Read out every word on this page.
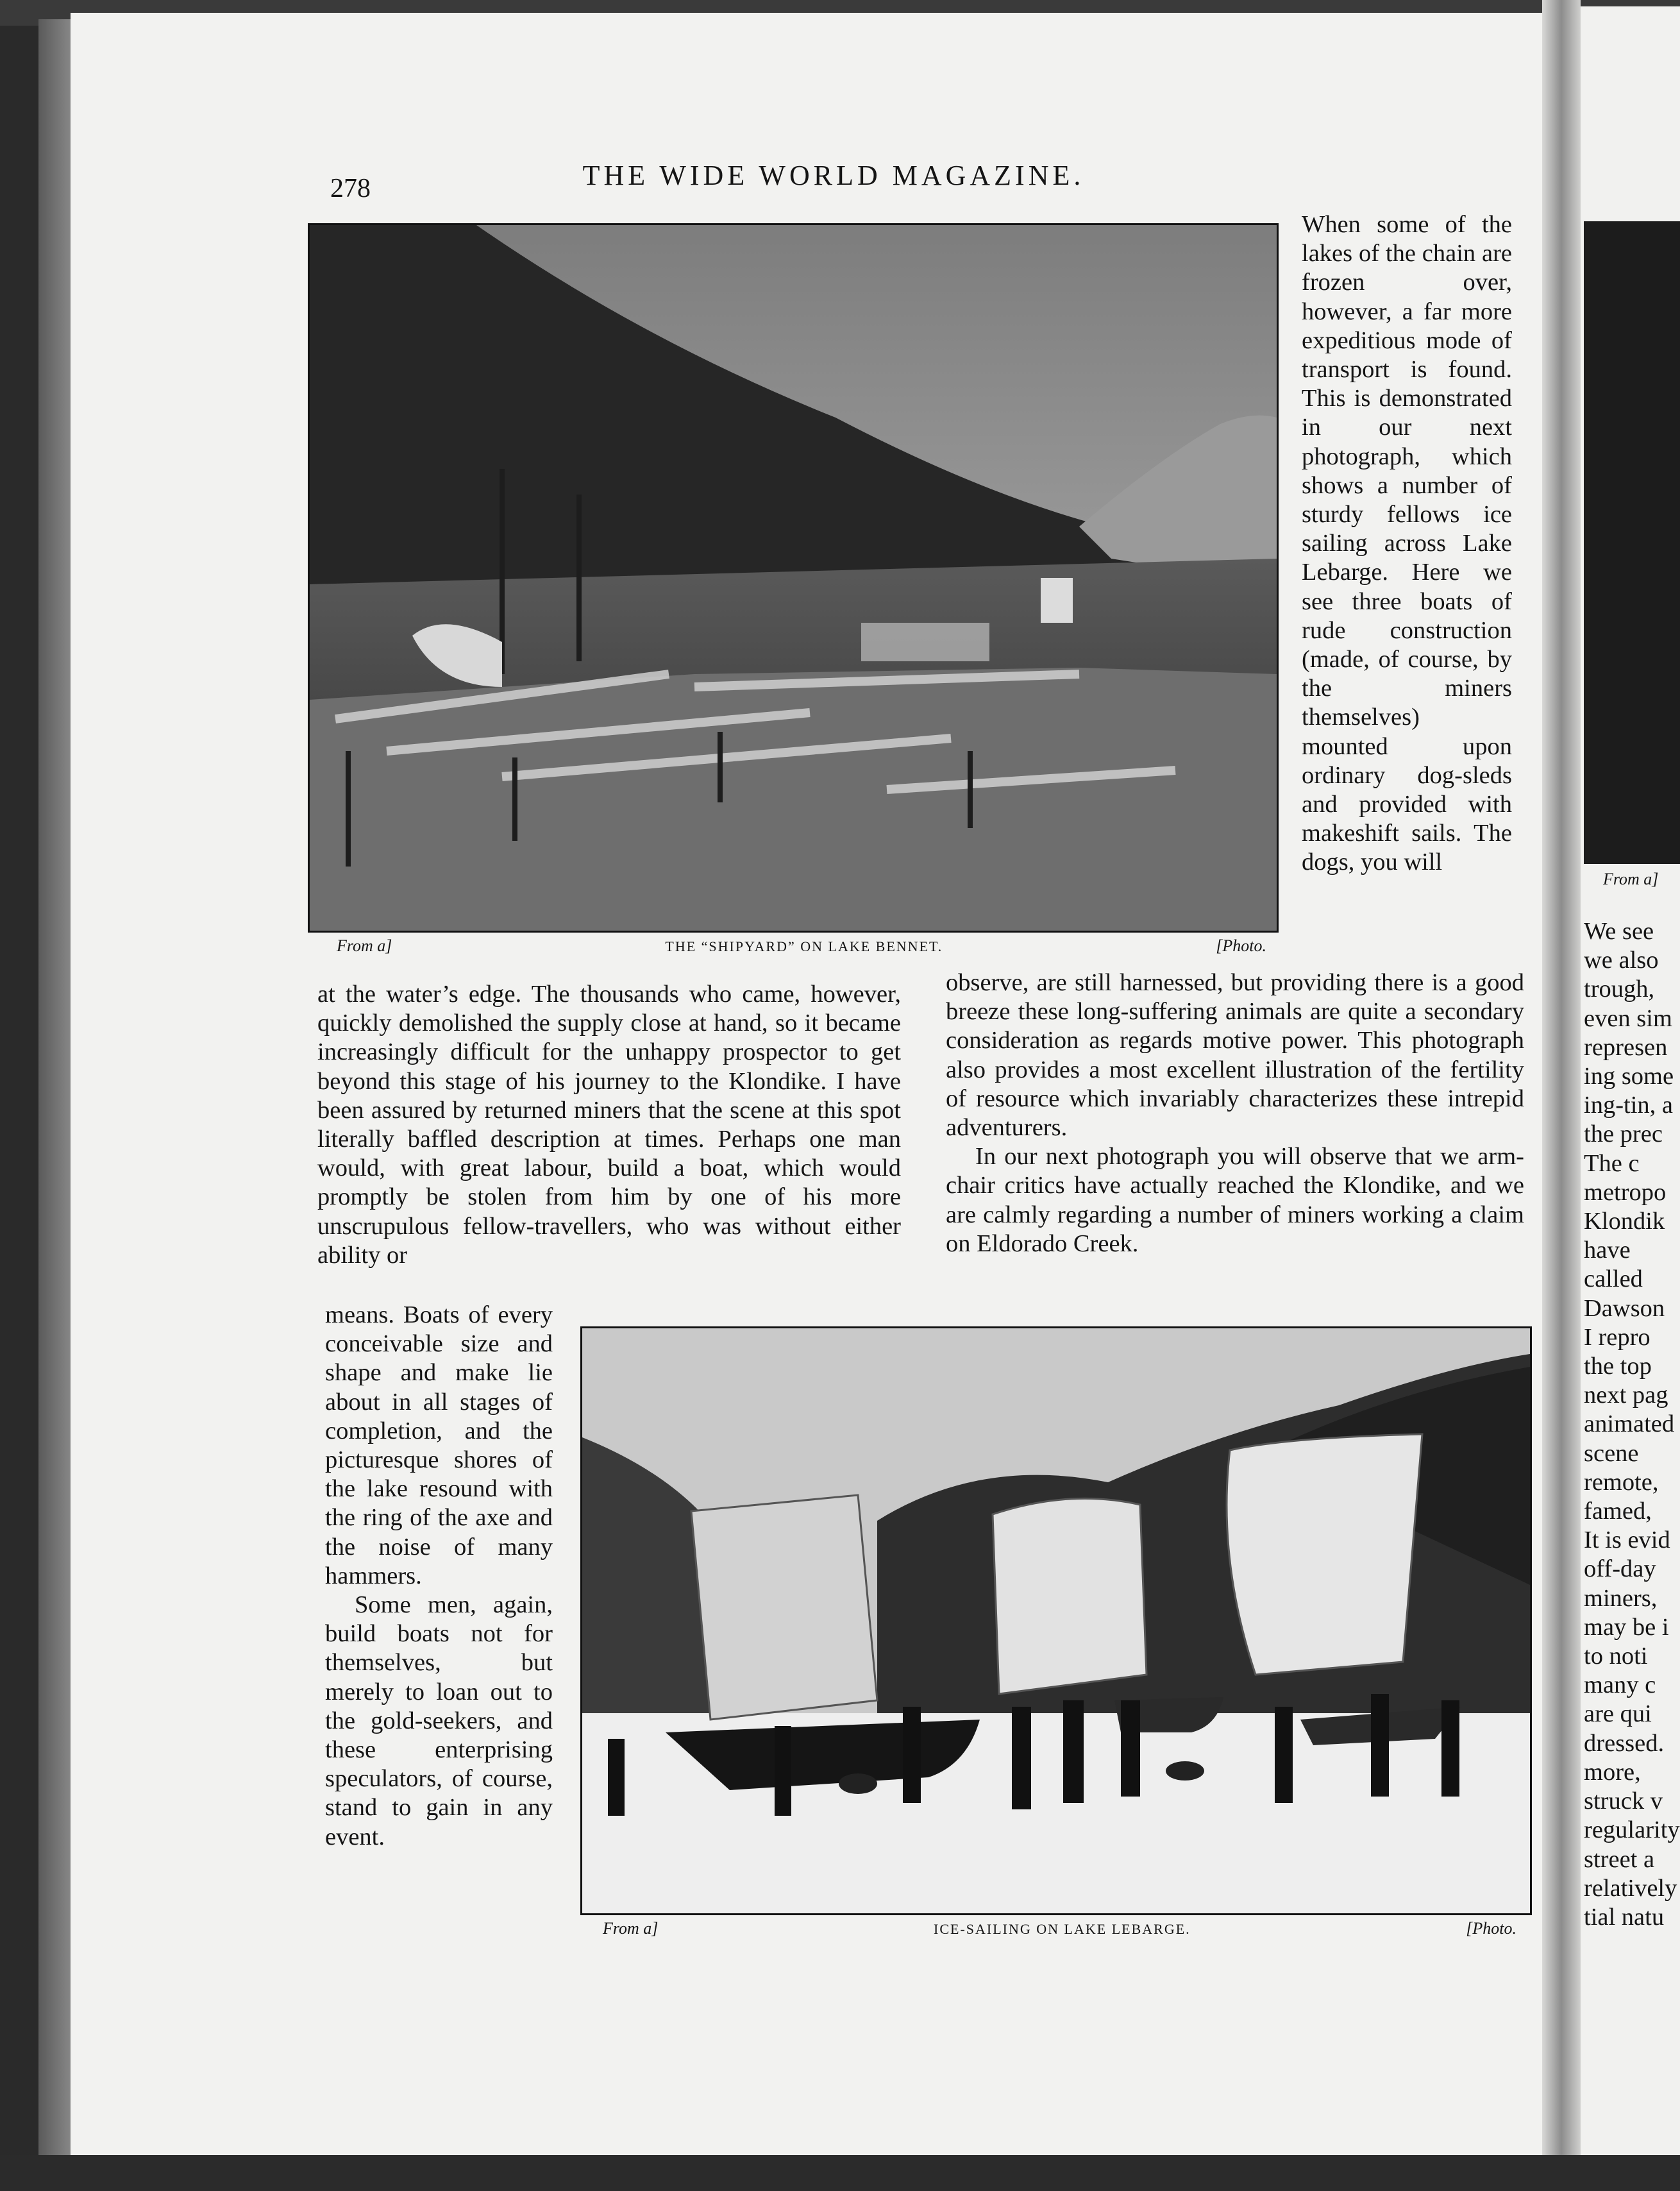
278	THE WIDE WORLD MAGAZINE.
From a]	THE “SHIPYARD” ON LAKE BENNET.	[Photo.
From a]	ICE-SAILING ON LAKE LEBARGE.	[Photo.

When some of the lakes of the chain are frozen over, however, a far more expeditious mode of transport is found. This is demonstrated in our next photograph, which shows a number of sturdy fellows ice sailing across Lake Lebarge. Here we see three boats of rude construction (made, of course, by the miners themselves) mounted upon ordinary dog-sleds and provided with makeshift sails. The dogs, you will

at the water’s edge. The thousands who came, however, quickly demolished the supply close at hand, so it became increasingly difficult for the unhappy prospector to get beyond this stage of his journey to the Klondike. I have been assured by returned miners that the scene at this spot literally baffled description at times. Perhaps one man would, with great labour, build a boat, which would promptly be stolen from him by one of his more unscrupulous fellow-travellers, who was without either ability or

means. Boats of every conceivable size and shape and make lie about in all stages of completion, and the picturesque shores of the lake resound with the ring of the axe and the noise of many hammers.

Some men, again, build boats not for themselves, but merely to loan out to the gold-seekers, and these enterprising speculators, of course, stand to gain in any event.

observe, are still harnessed, but providing there is a good breeze these long-suffering animals are quite a secondary consideration as regards motive power. This photograph also provides a most excellent illustration of the fertility of resource which invariably characterizes these intrepid adventurers.

In our next photograph you will observe that we arm-chair critics have actually reached the Klondike, and we are calmly regarding a number of miners working a claim on Eldorado Creek.

From a]
We see
we also
trough,
even sim
represen
ing some
ing-tin, a
the prec
The c
metropo
Klondik
have
called
Dawson
I repro
the top
next pag
animated
scene
remote,
famed,
It is evid
off-day
miners,
may be i
to noti
many c
are qui
dressed.
more,
struck v
regularity
street a
relatively
tial natu
